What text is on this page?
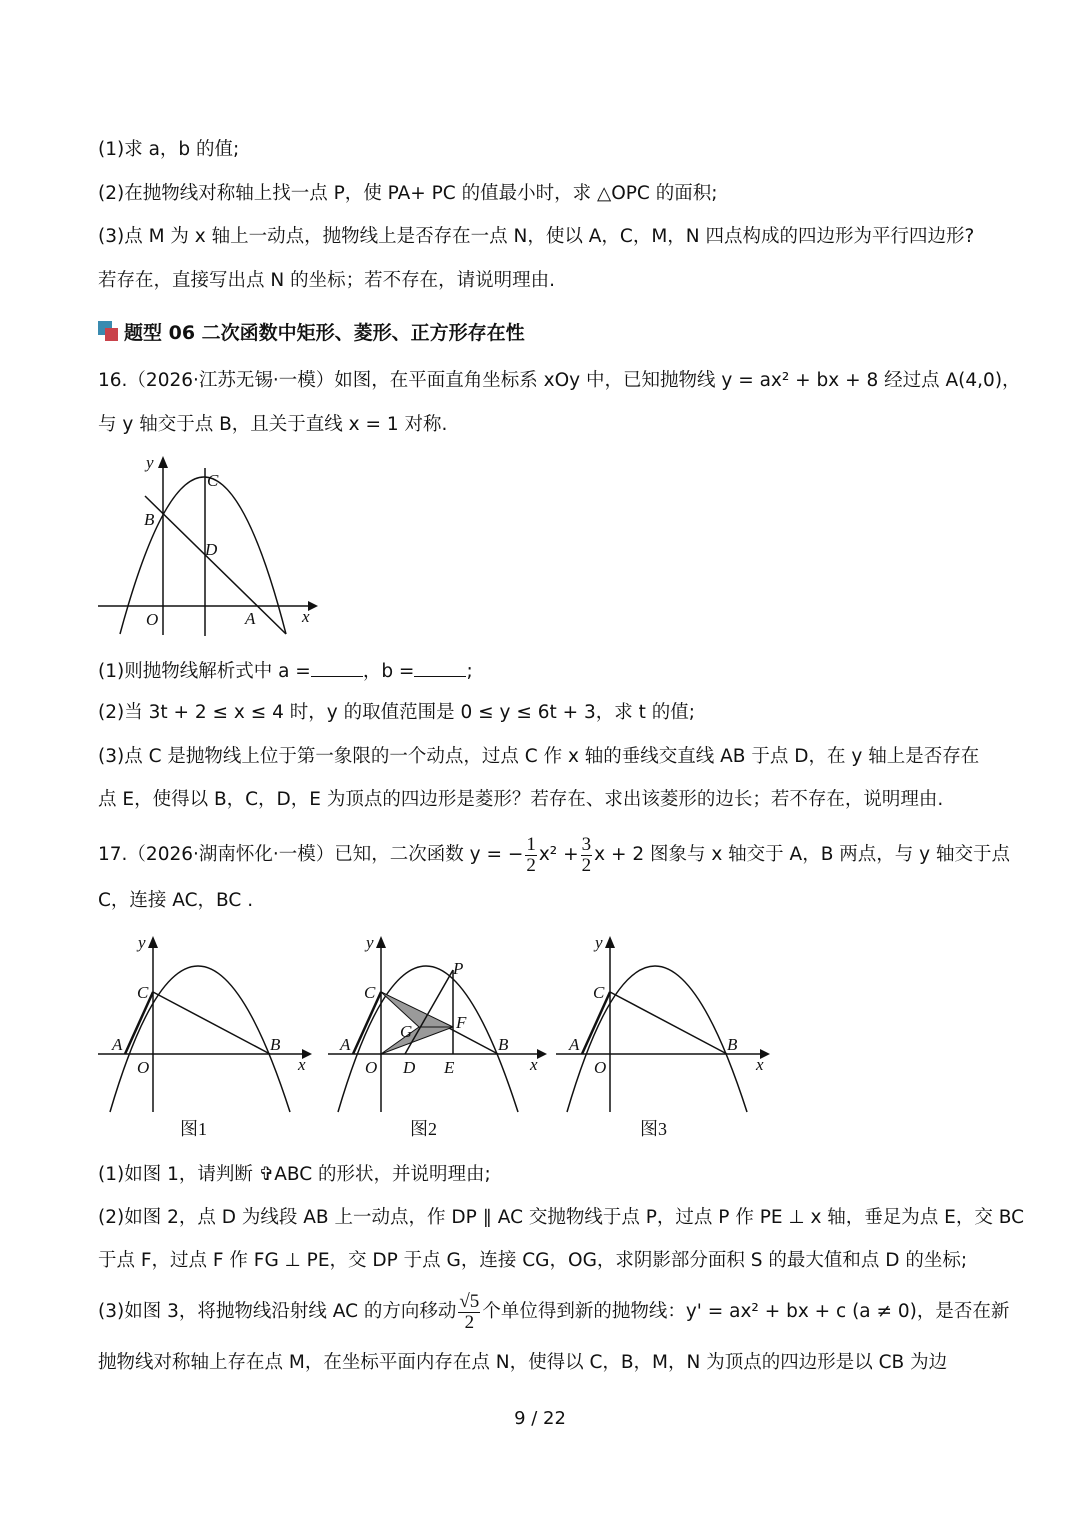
(1)求 a，b 的值;
(2)在抛物线对称轴上找一点 P，使 PA+ PC 的值最小时，求 △OPC 的面积;
(3)点 M 为 x 轴上一动点，抛物线上是否存在一点 N，使以 A，C，M，N 四点构成的四边形为平行四边形?
若存在，直接写出点 N 的坐标；若不存在，请说明理由.
题型 06 二次函数中矩形、菱形、正方形存在性
16.（2026·江苏无锡·一模）如图，在平面直角坐标系 xOy 中，已知抛物线 y = ax² + bx + 8 经过点 A(4,0)，
与 y 轴交于点 B，且关于直线 x = 1 对称.
y
x
O	A
B
C
D
(1)则抛物线解析式中 a =	，b =	;
(2)当 3t + 2 ≤ x ≤ 4 时，y 的取值范围是 0 ≤ y ≤ 6t + 3，求 t 的值;
(3)点 C 是抛物线上位于第一象限的一个动点，过点 C 作 x 轴的垂线交直线 AB 于点 D，在 y 轴上是否存在
点 E，使得以 B，C，D，E 为顶点的四边形是菱形？若存在、求出该菱形的边长；若不存在，说明理由.
17.（2026·湖南怀化·一模）已知，二次函数 y = − $\frac{1}{2} x^2 + \frac{3}{2}$ x + 2 图象与 x 轴交于 A，B 两点，与 y 轴交于点
C，连接 AC，BC .
y
x
O
A	B
C
图1
y
x
O
A	B
C
D E
F
G
P
图2
y
x
O
A	B
C
图3
(1)如图 1，请判断 ✞ABC 的形状，并说明理由;
(2)如图 2，点 D 为线段 AB 上一动点，作 DP ∥ AC 交抛物线于点 P，过点 P 作 PE ⊥ x 轴，垂足为点 E，交 BC
于点 F，过点 F 作 FG ⊥ PE，交 DP 于点 G，连接 CG，OG，求阴影部分面积 S 的最大值和点 D 的坐标;
(3)如图 3，将抛物线沿射线 AC 的方向移动 $\frac{√5}{2}$ 个单位得到新的抛物线：y' = ax² + bx + c (a ≠ 0)，是否在新
抛物线对称轴上存在点 M，在坐标平面内存在点 N，使得以 C，B，M，N 为顶点的四边形是以 CB 为边
9 / 22
